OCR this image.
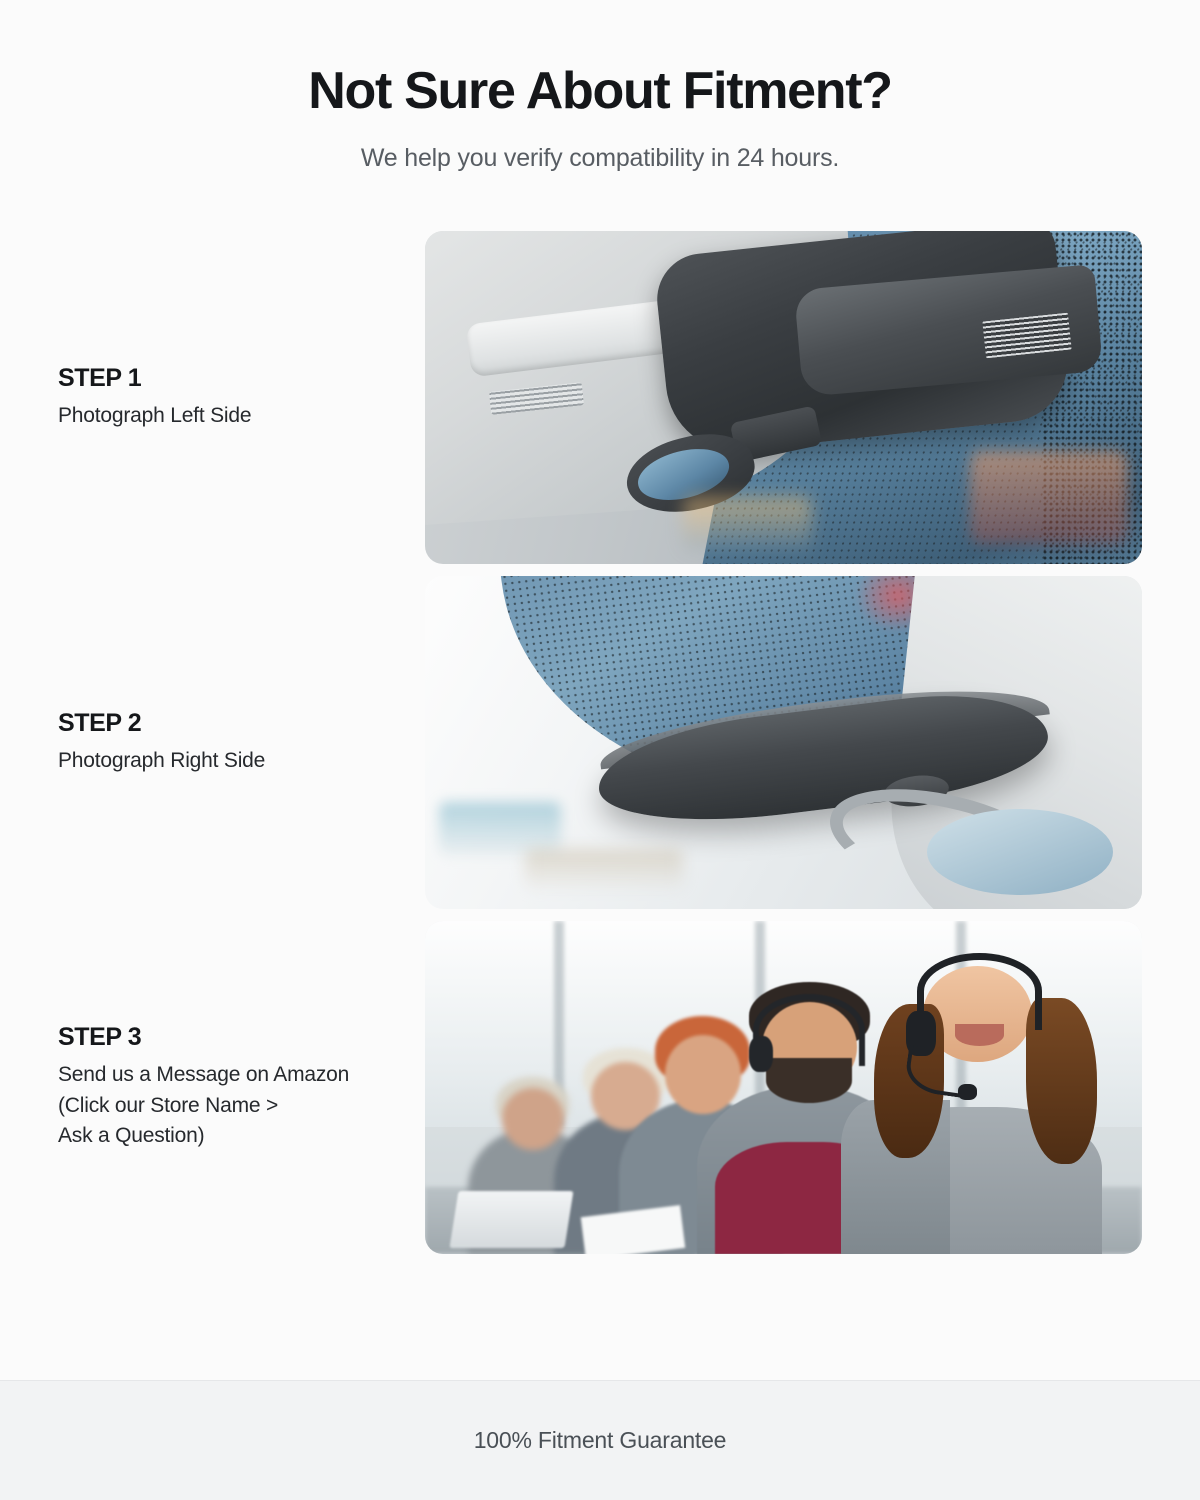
Not Sure About Fitment?

We help you verify compatibility in 24 hours.

STEP 1
Photograph Left Side
STEP 2
Photograph Right Side
STEP 3
Send us a Message on Amazon
(Click our Store Name >
Ask a Question)
100% Fitment Guarantee
